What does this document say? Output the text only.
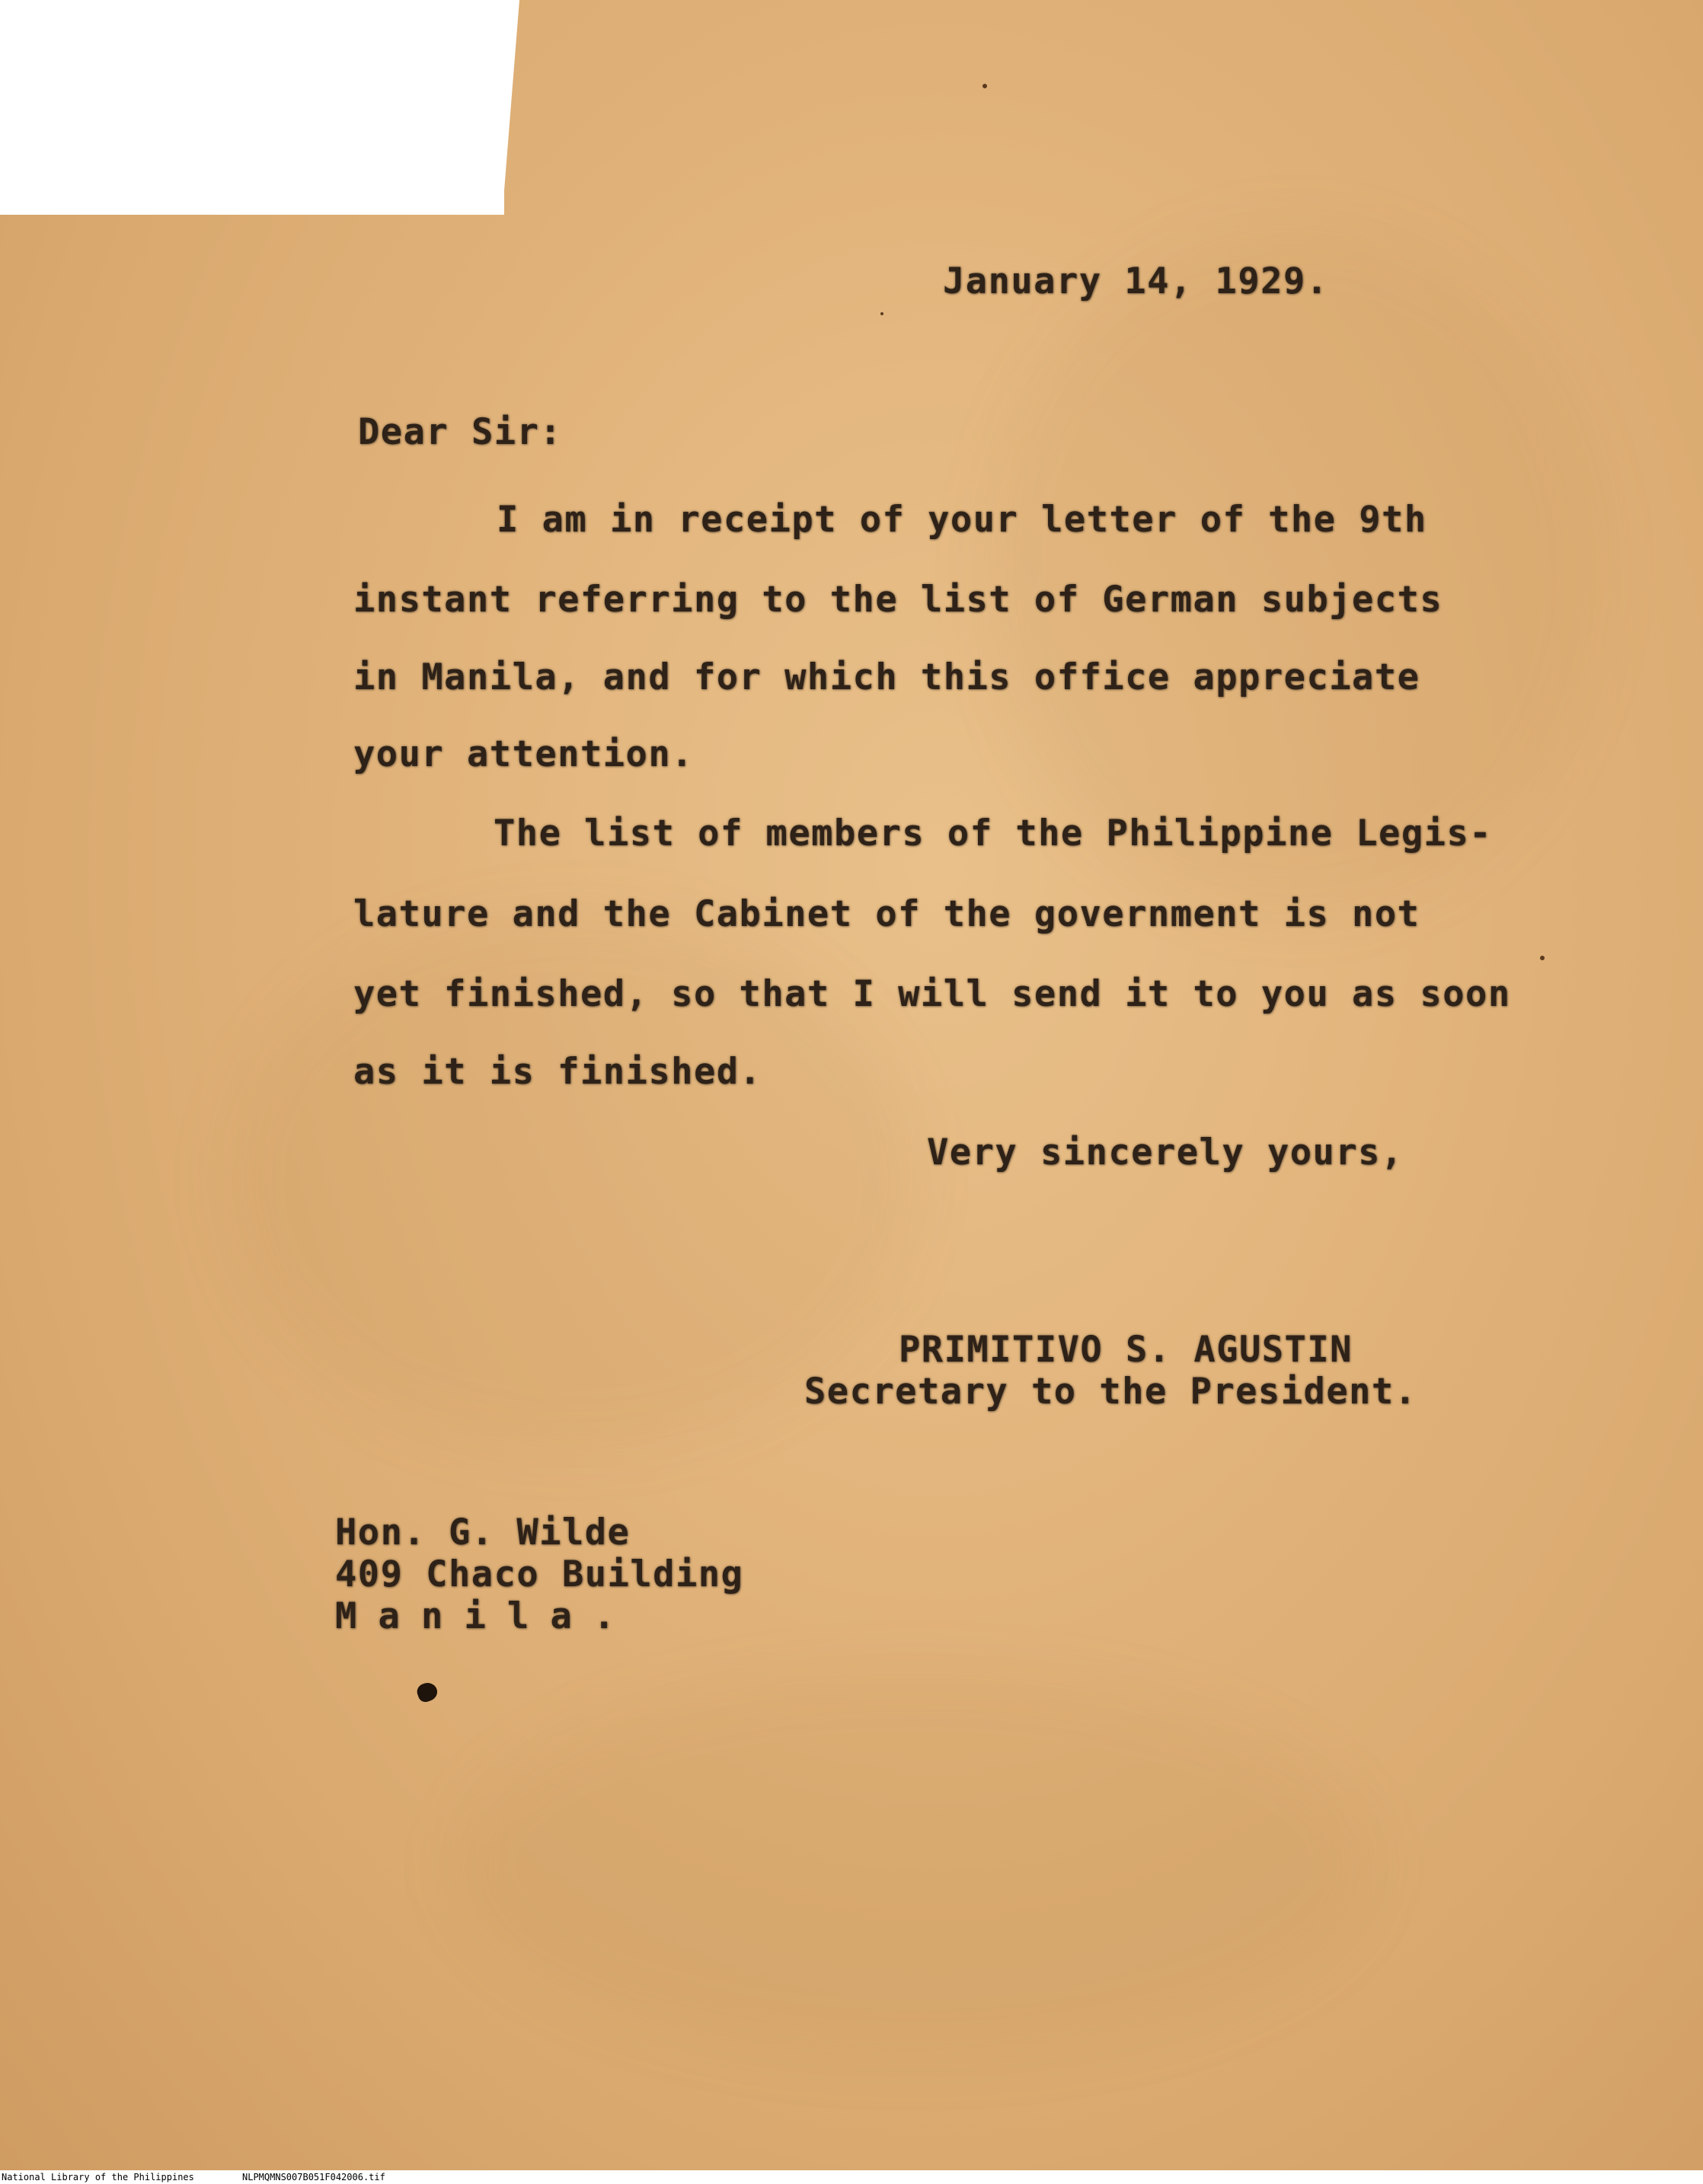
January 14, 1929.

Dear Sir:

I am in receipt of your letter of the 9th

instant referring to the list of German subjects

in Manila, and for which this office appreciate

your attention.

The list of members of the Philippine Legis-

lature and the Cabinet of the government is not

yet finished, so that I will send it to you as soon

as it is finished.

Very sincerely yours,

PRIMITIVO S. AGUSTIN

Secretary to the President.

Hon. G. Wilde

409 Chaco Building

Manila.

National Library of the Philippines	NLPMQMNS007B051F042006.tif
